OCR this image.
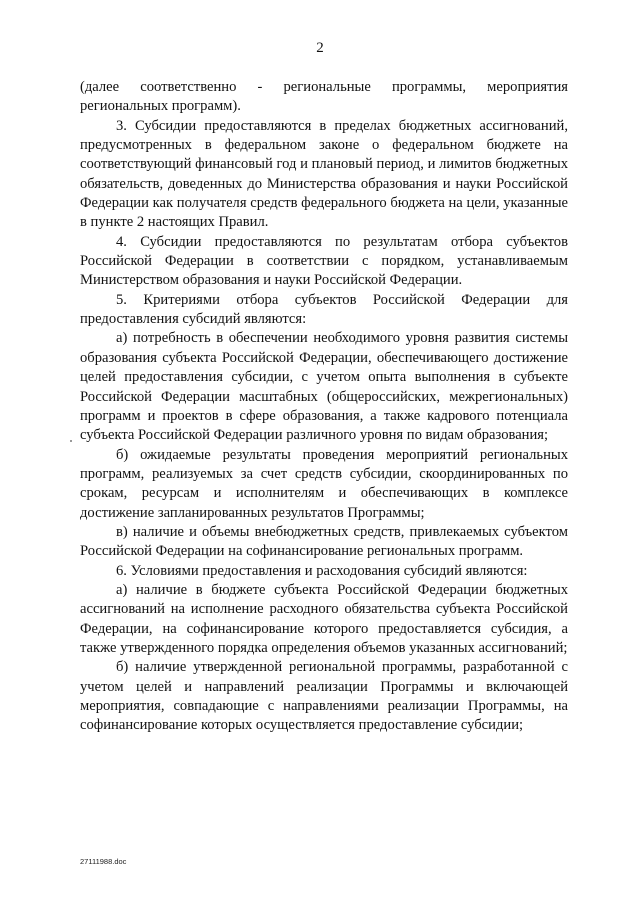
2

(далее соответственно - региональные программы, мероприятия региональных программ).

3. Субсидии предоставляются в пределах бюджетных ассигнований, предусмотренных в федеральном законе о федеральном бюджете на соответствующий финансовый год и плановый период, и лимитов бюджетных обязательств, доведенных до Министерства образования и науки Российской Федерации как получателя средств федерального бюджета на цели, указанные в пункте 2 настоящих Правил.

4. Субсидии предоставляются по результатам отбора субъектов Российской Федерации в соответствии с порядком, устанавливаемым Министерством образования и науки Российской Федерации.

5. Критериями отбора субъектов Российской Федерации для предоставления субсидий являются:

а) потребность в обеспечении необходимого уровня развития системы образования субъекта Российской Федерации, обеспечивающего достижение целей предоставления субсидии, с учетом опыта выполнения в субъекте Российской Федерации масштабных (общероссийских, межрегиональных) программ и проектов в сфере образования, а также кадрового потенциала субъекта Российской Федерации различного уровня по видам образования;

б) ожидаемые результаты проведения мероприятий региональных программ, реализуемых за счет средств субсидии, скоординированных по срокам, ресурсам и исполнителям и обеспечивающих в комплексе достижение запланированных результатов Программы;

в) наличие и объемы внебюджетных средств, привлекаемых субъектом Российской Федерации на софинансирование региональных программ.

6. Условиями предоставления и расходования субсидий являются:

а) наличие в бюджете субъекта Российской Федерации бюджетных ассигнований на исполнение расходного обязательства субъекта Российской Федерации, на софинансирование которого предоставляется субсидия, а также утвержденного порядка определения объемов указанных ассигнований;

б) наличие утвержденной региональной программы, разработанной с учетом целей и направлений реализации Программы и включающей мероприятия, совпадающие с направлениями реализации Программы, на софинансирование которых осуществляется предоставление субсидии;

27111988.doc
